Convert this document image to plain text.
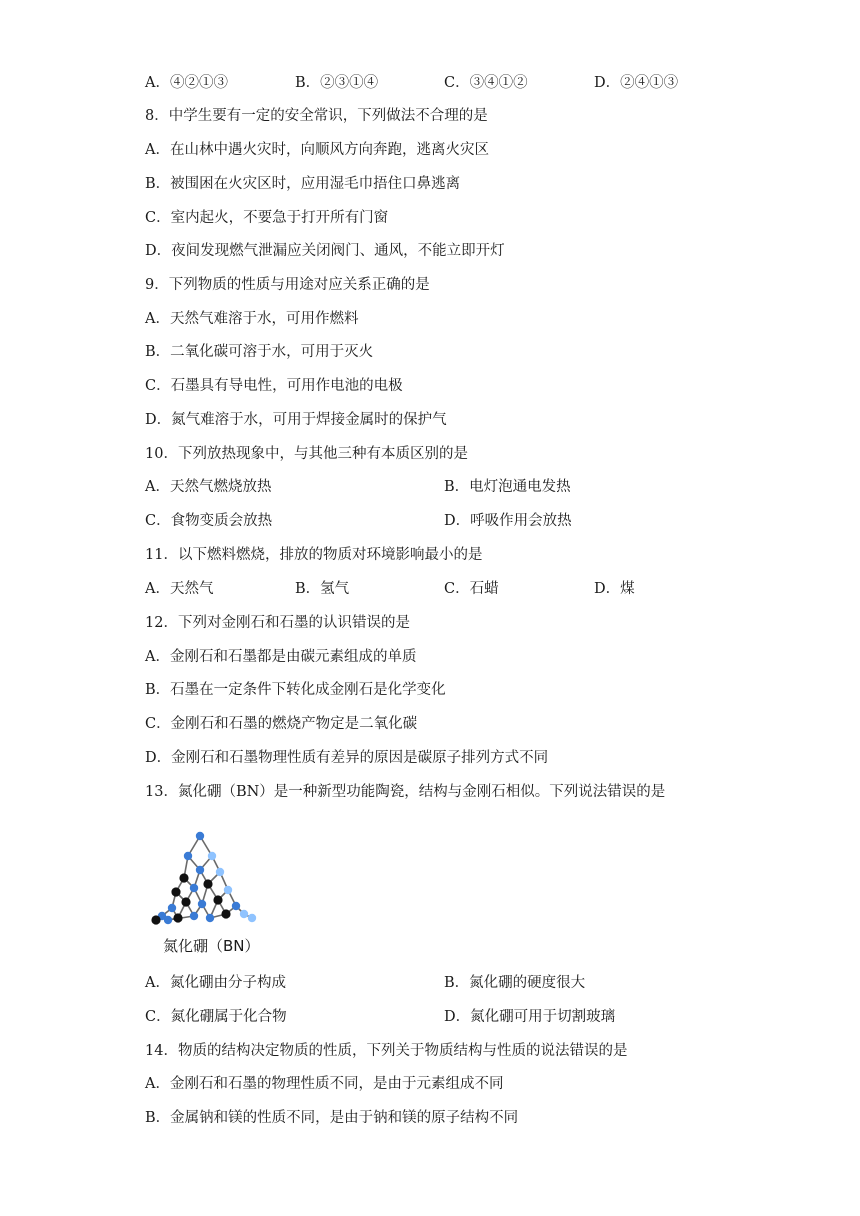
A．④②①③	B．②③①④	C．③④①②	D．②④①③
8．中学生要有一定的安全常识，下列做法不合理的是
A．在山林中遇火灾时，向顺风方向奔跑，逃离火灾区
B．被围困在火灾区时，应用湿毛巾捂住口鼻逃离
C．室内起火，不要急于打开所有门窗
D．夜间发现燃气泄漏应关闭阀门、通风，不能立即开灯
9．下列物质的性质与用途对应关系正确的是
A．天然气难溶于水，可用作燃料
B．二氧化碳可溶于水，可用于灭火
C．石墨具有导电性，可用作电池的电极
D．氮气难溶于水，可用于焊接金属时的保护气
10．下列放热现象中，与其他三种有本质区别的是
A．天然气燃烧放热	B．电灯泡通电发热
C．食物变质会放热	D．呼吸作用会放热
11．以下燃料燃烧，排放的物质对环境影响最小的是
A．天然气	B．氢气	C．石蜡	D．煤
12．下列对金刚石和石墨的认识错误的是
A．金刚石和石墨都是由碳元素组成的单质
B．石墨在一定条件下转化成金刚石是化学变化
C．金刚石和石墨的燃烧产物定是二氧化碳
D．金刚石和石墨物理性质有差异的原因是碳原子排列方式不同
13．氮化硼（BN）是一种新型功能陶瓷，结构与金刚石相似。下列说法错误的是
氮化硼（BN）
A．氮化硼由分子构成	B．氮化硼的硬度很大
C．氮化硼属于化合物	D．氮化硼可用于切割玻璃
14．物质的结构决定物质的性质，下列关于物质结构与性质的说法错误的是
A．金刚石和石墨的物理性质不同，是由于元素组成不同
B．金属钠和镁的性质不同，是由于钠和镁的原子结构不同
